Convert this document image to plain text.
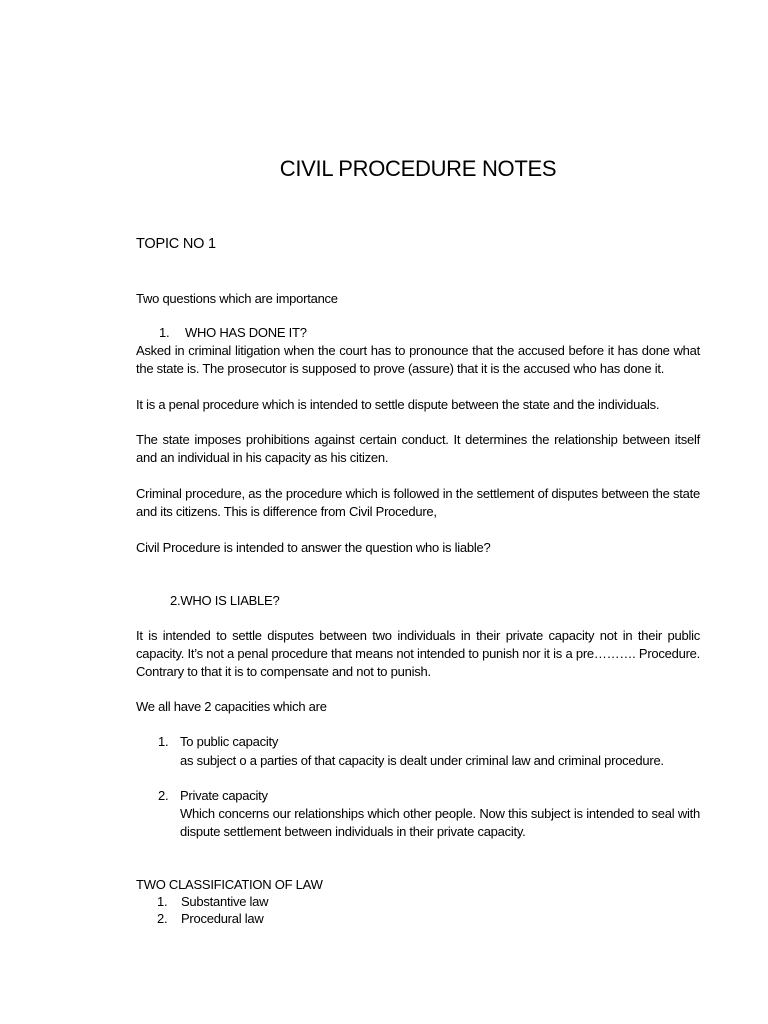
CIVIL PROCEDURE NOTES
TOPIC NO 1
Two questions which are importance
1. WHO HAS DONE IT?
Asked in criminal litigation when the court has to pronounce that the accused before it has done what the state is. The prosecutor is supposed to prove (assure) that it is the accused who has done it.
It is a penal procedure which is intended to settle dispute between the state and the individuals.
The state imposes prohibitions against certain conduct. It determines the relationship between itself and an individual in his capacity as his citizen.
Criminal procedure, as the procedure which is followed in the settlement of disputes between the state and its citizens. This is difference from Civil Procedure,
Civil Procedure is intended to answer the question who is liable?
2.WHO IS LIABLE?
It is intended to settle disputes between two individuals in their private capacity not in their public capacity. It’s not a penal procedure that means not intended to punish nor it is a pre………. Procedure. Contrary to that it is to compensate and not to punish.
We all have 2 capacities which are
1. To public capacity
as subject o a parties of that capacity is dealt under criminal law and criminal procedure.
2. Private capacity
Which concerns our relationships which other people. Now this subject is intended to seal with dispute settlement between individuals in their private capacity.
TWO CLASSIFICATION OF LAW
1. Substantive law
2. Procedural law
